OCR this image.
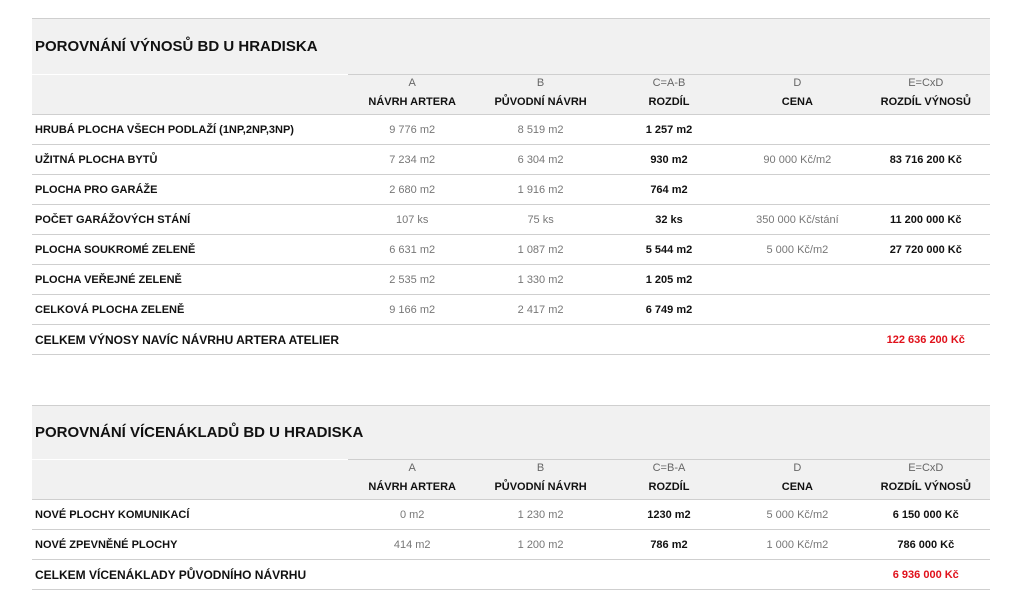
POROVNÁNÍ VÝNOSŮ BD U HRADISKA
	A	B	C=A-B	D	E=CxD
	NÁVRH ARTERA	PŮVODNÍ NÁVRH	ROZDÍL	CENA	ROZDÍL VÝNOSŮ
HRUBÁ PLOCHA VŠECH PODLAŽÍ (1NP,2NP,3NP)	9 776 m2	8 519 m2	1 257 m2		
UŽITNÁ PLOCHA BYTŮ	7 234 m2	6 304 m2	930 m2	90 000 Kč/m2	83 716 200 Kč
PLOCHA PRO GARÁŽE	2 680 m2	1 916 m2	764 m2		
POČET GARÁŽOVÝCH STÁNÍ	107 ks	75 ks	32 ks	350 000 Kč/stání	11 200 000 Kč
PLOCHA SOUKROMÉ ZELENĚ	6 631 m2	1 087 m2	5 544 m2	5 000 Kč/m2	27 720 000 Kč
PLOCHA VEŘEJNÉ ZELENĚ	2 535 m2	1 330 m2	1 205 m2		
CELKOVÁ PLOCHA ZELENĚ	9 166 m2	2 417 m2	6 749 m2		
CELKEM VÝNOSY NAVÍC NÁVRHU ARTERA ATELIER					122 636 200 Kč
POROVNÁNÍ VÍCENÁKLADŮ BD U HRADISKA
	A	B	C=B-A	D	E=CxD
	NÁVRH ARTERA	PŮVODNÍ NÁVRH	ROZDÍL	CENA	ROZDÍL VÝNOSŮ
NOVÉ PLOCHY KOMUNIKACÍ	0 m2	1 230 m2	1230 m2	5 000 Kč/m2	6 150 000 Kč
NOVÉ ZPEVNĚNÉ PLOCHY	414 m2	1 200 m2	786 m2	1 000 Kč/m2	786 000 Kč
CELKEM VÍCENÁKLADY PŮVODNÍHO NÁVRHU					6 936 000 Kč
